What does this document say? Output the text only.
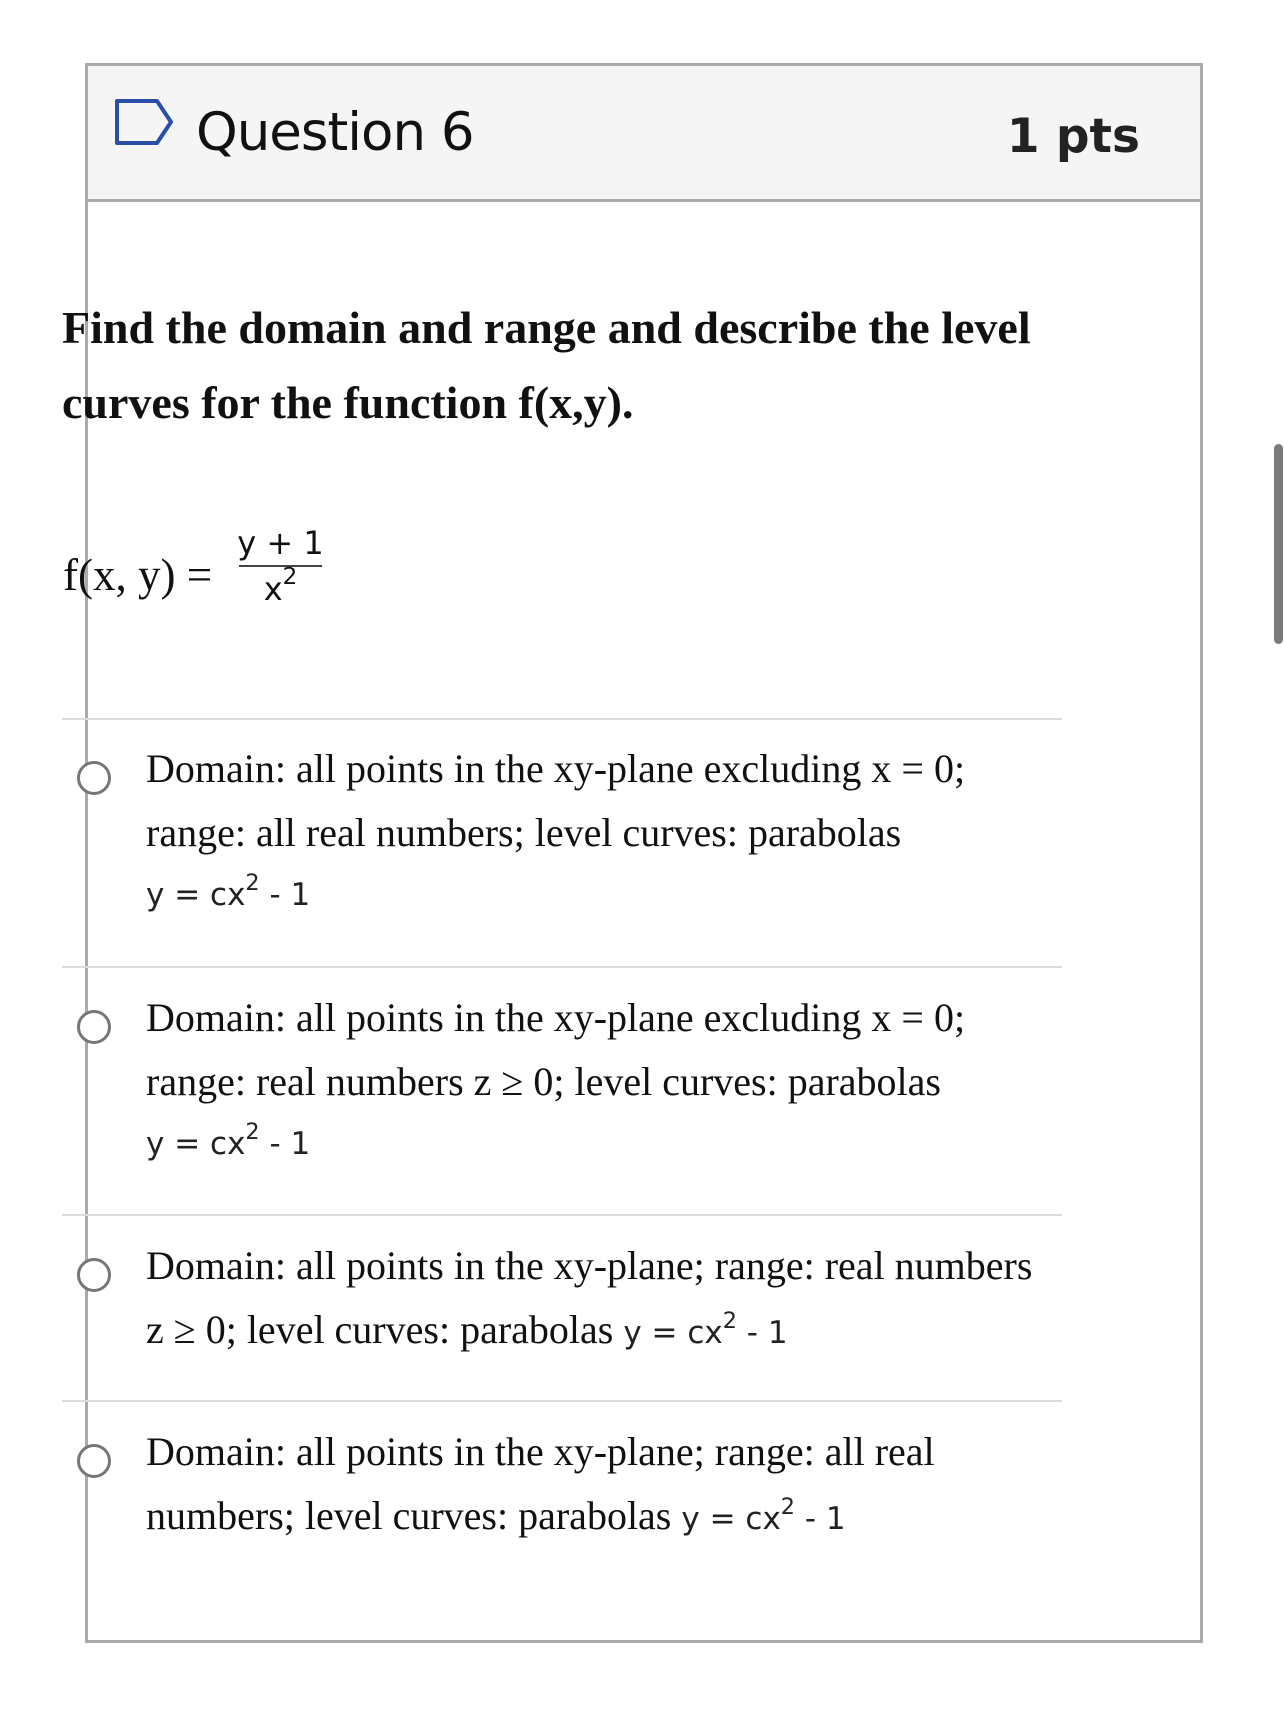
Question 6	1 pts
Find the domain and range and describe the level curves for the function f(x,y).
f(x, y) =
y + 1
$x^2$
Domain: all points in the xy-plane excluding x = 0; range: all real numbers; level curves: parabolas
$y = cx^2 - 1$
Domain: all points in the xy-plane excluding x = 0; range: real numbers z ≥ 0; level curves: parabolas
$y = cx^2 - 1$
Domain: all points in the xy-plane; range: real numbers z ≥ 0; level curves: parabolas $y = cx^2 - 1$
Domain: all points in the xy-plane; range: all real numbers; level curves: parabolas $y = cx^2 - 1$
